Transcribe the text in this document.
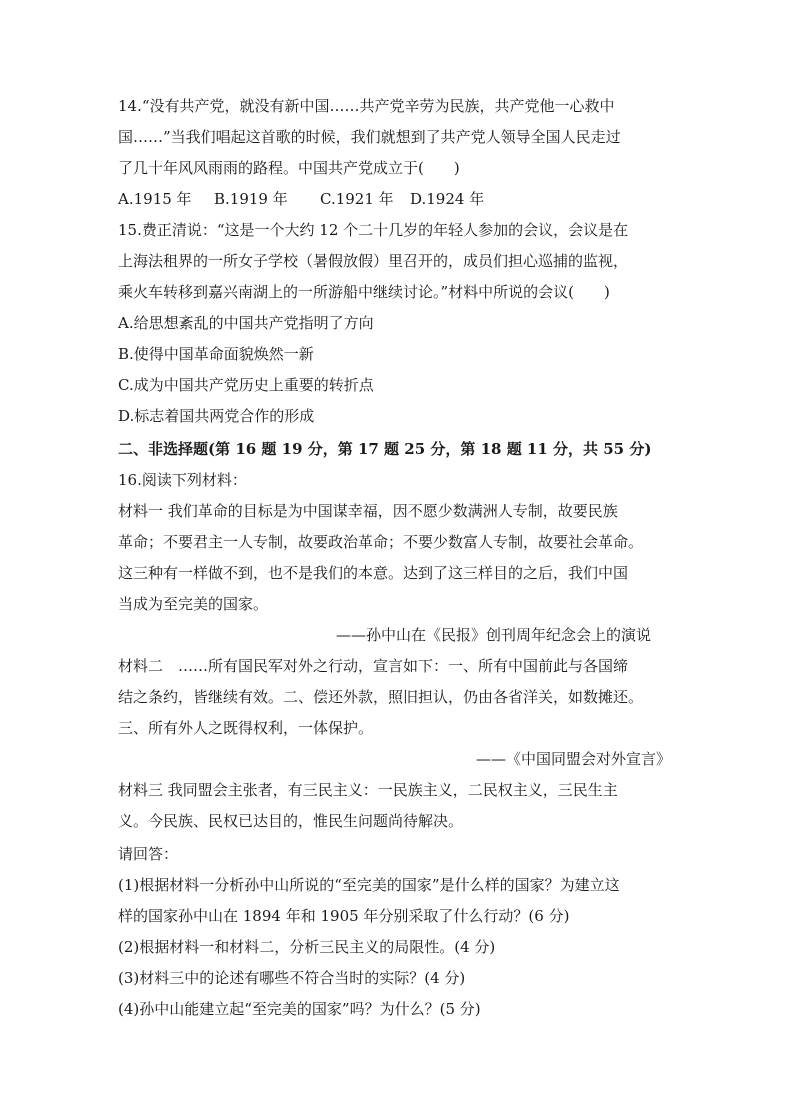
14.“没有共产党，就没有新中国……共产党辛劳为民族，共产党他一心救中
国……”当我们唱起这首歌的时候，我们就想到了共产党人领导全国人民走过
了几十年风风雨雨的路程。中国共产党成立于(　　)
A.1915 年 B.1919 年 C.1921 年 D.1924 年
15.费正清说：“这是一个大约 12 个二十几岁的年轻人参加的会议，会议是在
上海法租界的一所女子学校（暑假放假）里召开的，成员们担心巡捕的监视，
乘火车转移到嘉兴南湖上的一所游船中继续讨论。”材料中所说的会议(　　)
A.给思想紊乱的中国共产党指明了方向
B.使得中国革命面貌焕然一新
C.成为中国共产党历史上重要的转折点
D.标志着国共两党合作的形成
二、非选择题(第 16 题 19 分，第 17 题 25 分，第 18 题 11 分，共 55 分)
16.阅读下列材料：
材料一 我们革命的目标是为中国谋幸福，因不愿少数满洲人专制，故要民族
革命；不要君主一人专制，故要政治革命；不要少数富人专制，故要社会革命。
这三种有一样做不到，也不是我们的本意。达到了这三样目的之后，我们中国
当成为至完美的国家。
——孙中山在《民报》创刊周年纪念会上的演说
材料二　……所有国民军对外之行动，宣言如下：一、所有中国前此与各国缔
结之条约，皆继续有效。二、偿还外款，照旧担认，仍由各省洋关，如数摊还。
三、所有外人之既得权利，一体保护。
——《中国同盟会对外宣言》
材料三 我同盟会主张者，有三民主义：一民族主义，二民权主义，三民生主
义。今民族、民权已达目的，惟民生问题尚待解决。
请回答：
(1)根据材料一分析孙中山所说的“至完美的国家”是什么样的国家？为建立这
样的国家孙中山在 1894 年和 1905 年分别采取了什么行动？(6 分)
(2)根据材料一和材料二，分析三民主义的局限性。(4 分)
(3)材料三中的论述有哪些不符合当时的实际？(4 分)
(4)孙中山能建立起“至完美的国家”吗？为什么？(5 分)
